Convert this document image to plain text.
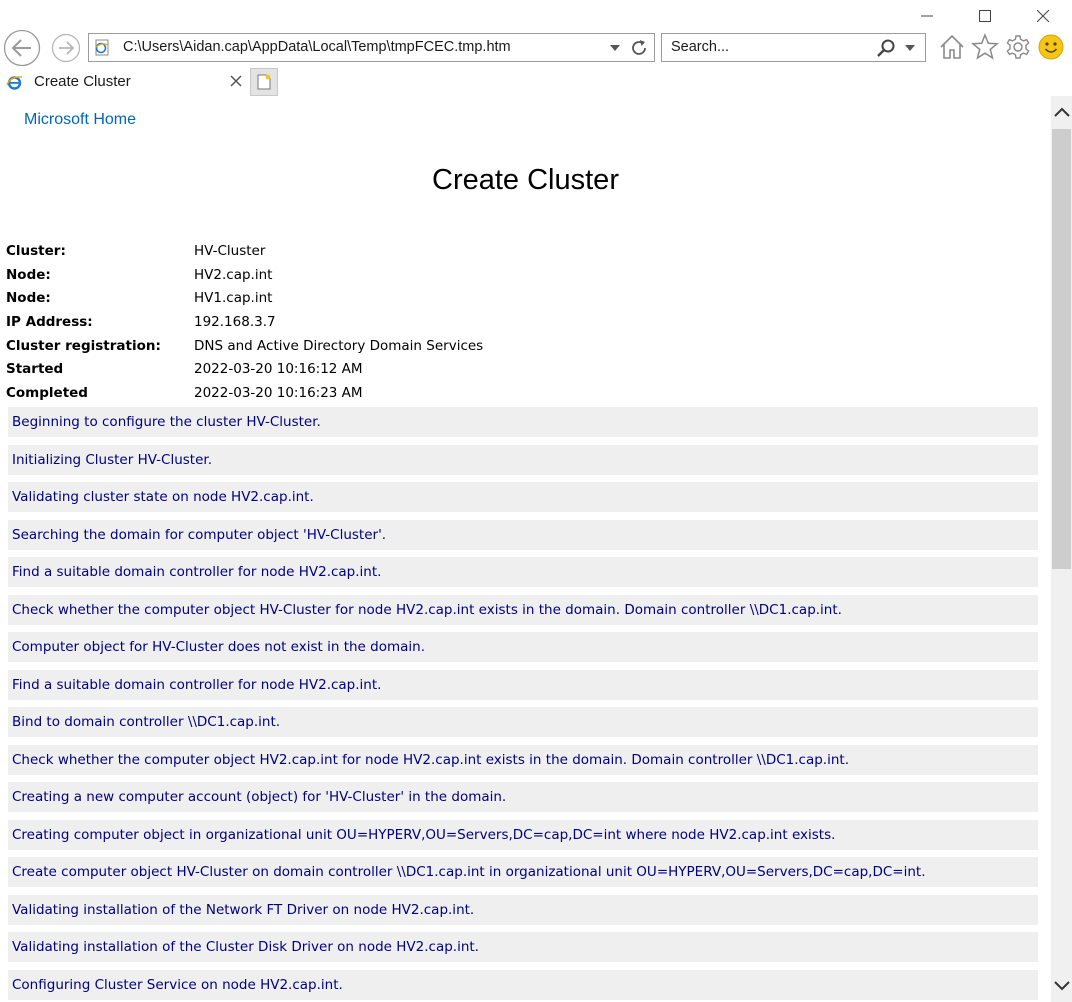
C:\Users\Aidan.cap\AppData\Local\Temp\tmpFCEC.tmp.htm	Search...
Create Cluster
Microsoft Home
Create Cluster
Cluster:	HV-Cluster
Node:	HV2.cap.int
Node:	HV1.cap.int
IP Address:	192.168.3.7
Cluster registration:	DNS and Active Directory Domain Services
Started	2022-03-20 10:16:12 AM
Completed	2022-03-20 10:16:23 AM
Beginning to configure the cluster HV-Cluster.
Initializing Cluster HV-Cluster.
Validating cluster state on node HV2.cap.int.
Searching the domain for computer object 'HV-Cluster'.
Find a suitable domain controller for node HV2.cap.int.
Check whether the computer object HV-Cluster for node HV2.cap.int exists in the domain. Domain controller \\DC1.cap.int.
Computer object for HV-Cluster does not exist in the domain.
Find a suitable domain controller for node HV2.cap.int.
Bind to domain controller \\DC1.cap.int.
Check whether the computer object HV2.cap.int for node HV2.cap.int exists in the domain. Domain controller \\DC1.cap.int.
Creating a new computer account (object) for 'HV-Cluster' in the domain.
Creating computer object in organizational unit OU=HYPERV,OU=Servers,DC=cap,DC=int where node HV2.cap.int exists.
Create computer object HV-Cluster on domain controller \\DC1.cap.int in organizational unit OU=HYPERV,OU=Servers,DC=cap,DC=int.
Validating installation of the Network FT Driver on node HV2.cap.int.
Validating installation of the Cluster Disk Driver on node HV2.cap.int.
Configuring Cluster Service on node HV2.cap.int.
